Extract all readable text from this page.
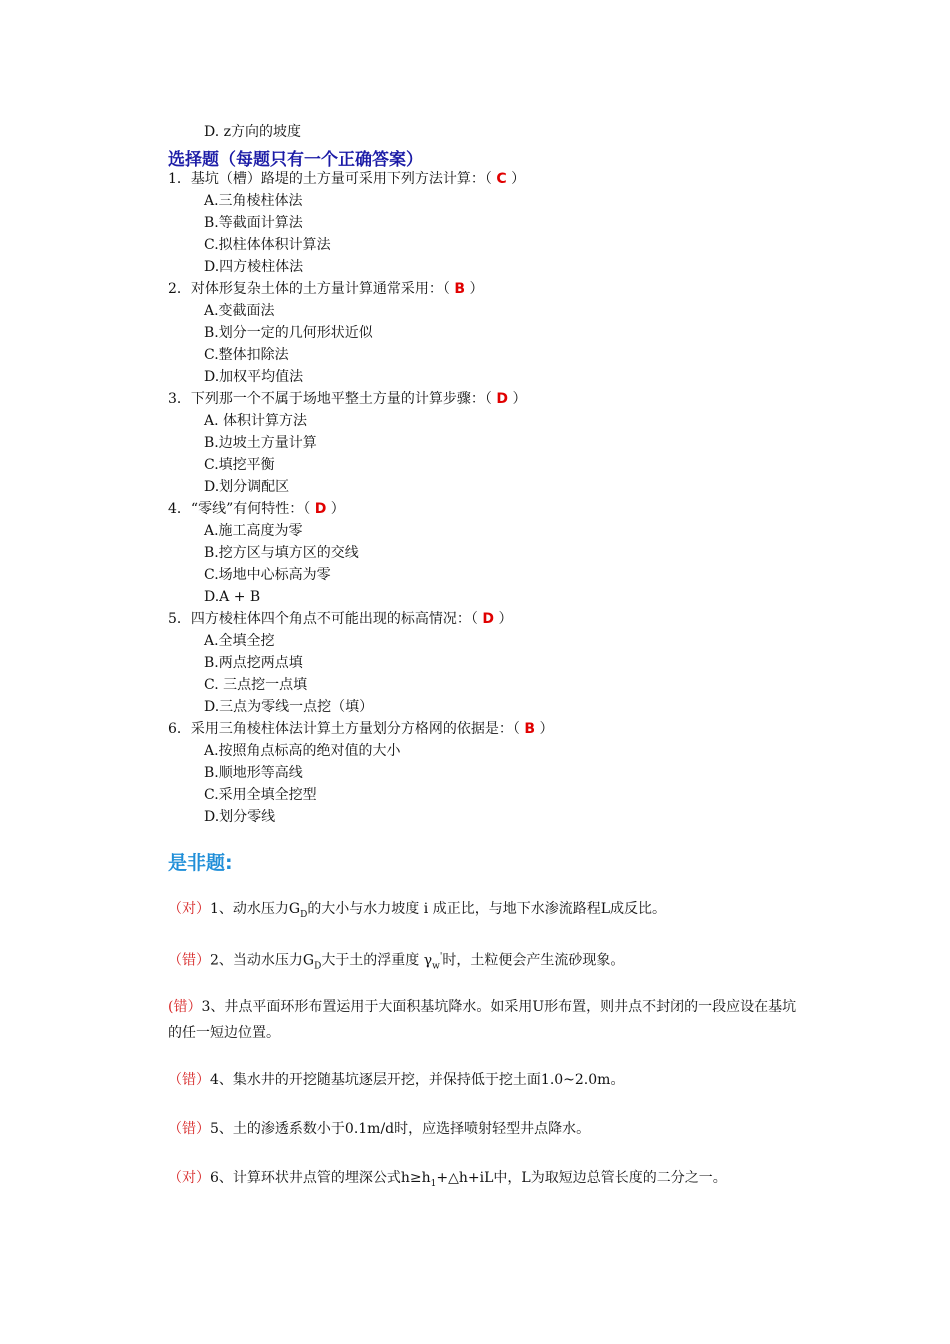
D. z方向的坡度
选择题（每题只有一个正确答案）
1．基坑（槽）路堤的土方量可采用下列方法计算：（ C ）
A.三角棱柱体法
B.等截面计算法
C.拟柱体体积计算法
D.四方棱柱体法
2．对体形复杂土体的土方量计算通常采用：（ B ）
A.变截面法
B.划分一定的几何形状近似
C.整体扣除法
D.加权平均值法
3．下列那一个不属于场地平整土方量的计算步骤：（ D ）
A. 体积计算方法
B.边坡土方量计算
C.填挖平衡
D.划分调配区
4．“零线”有何特性：（ D ）
A.施工高度为零
B.挖方区与填方区的交线
C.场地中心标高为零
D.A + B
5．四方棱柱体四个角点不可能出现的标高情况：（ D ）
A.全填全挖
B.两点挖两点填
C. 三点挖一点填
D.三点为零线一点挖（填）
6．采用三角棱柱体法计算土方量划分方格网的依据是：（ B ）
A.按照角点标高的绝对值的大小
B.顺地形等高线
C.采用全填全挖型
D.划分零线
是非题:
（对）1、动水压力$G_D$的大小与水力坡度 i 成正比，与地下水渗流路程L成反比。
（错）2、当动水压力$G_D$大于土的浮重度 $\gamma_w'$时，土粒便会产生流砂现象。
(错）3、井点平面环形布置运用于大面积基坑降水。如采用U形布置，则井点不封闭的一段应设在基坑的任一短边位置。
（错）4、集水井的开挖随基坑逐层开挖，并保持低于挖土面1.0~2.0m。
（错）5、土的渗透系数小于0.1m/d时，应选择喷射轻型井点降水。
（对）6、计算环状井点管的埋深公式$h\ge h_1+\triangle h+iL$中，L为取短边总管长度的二分之一。
